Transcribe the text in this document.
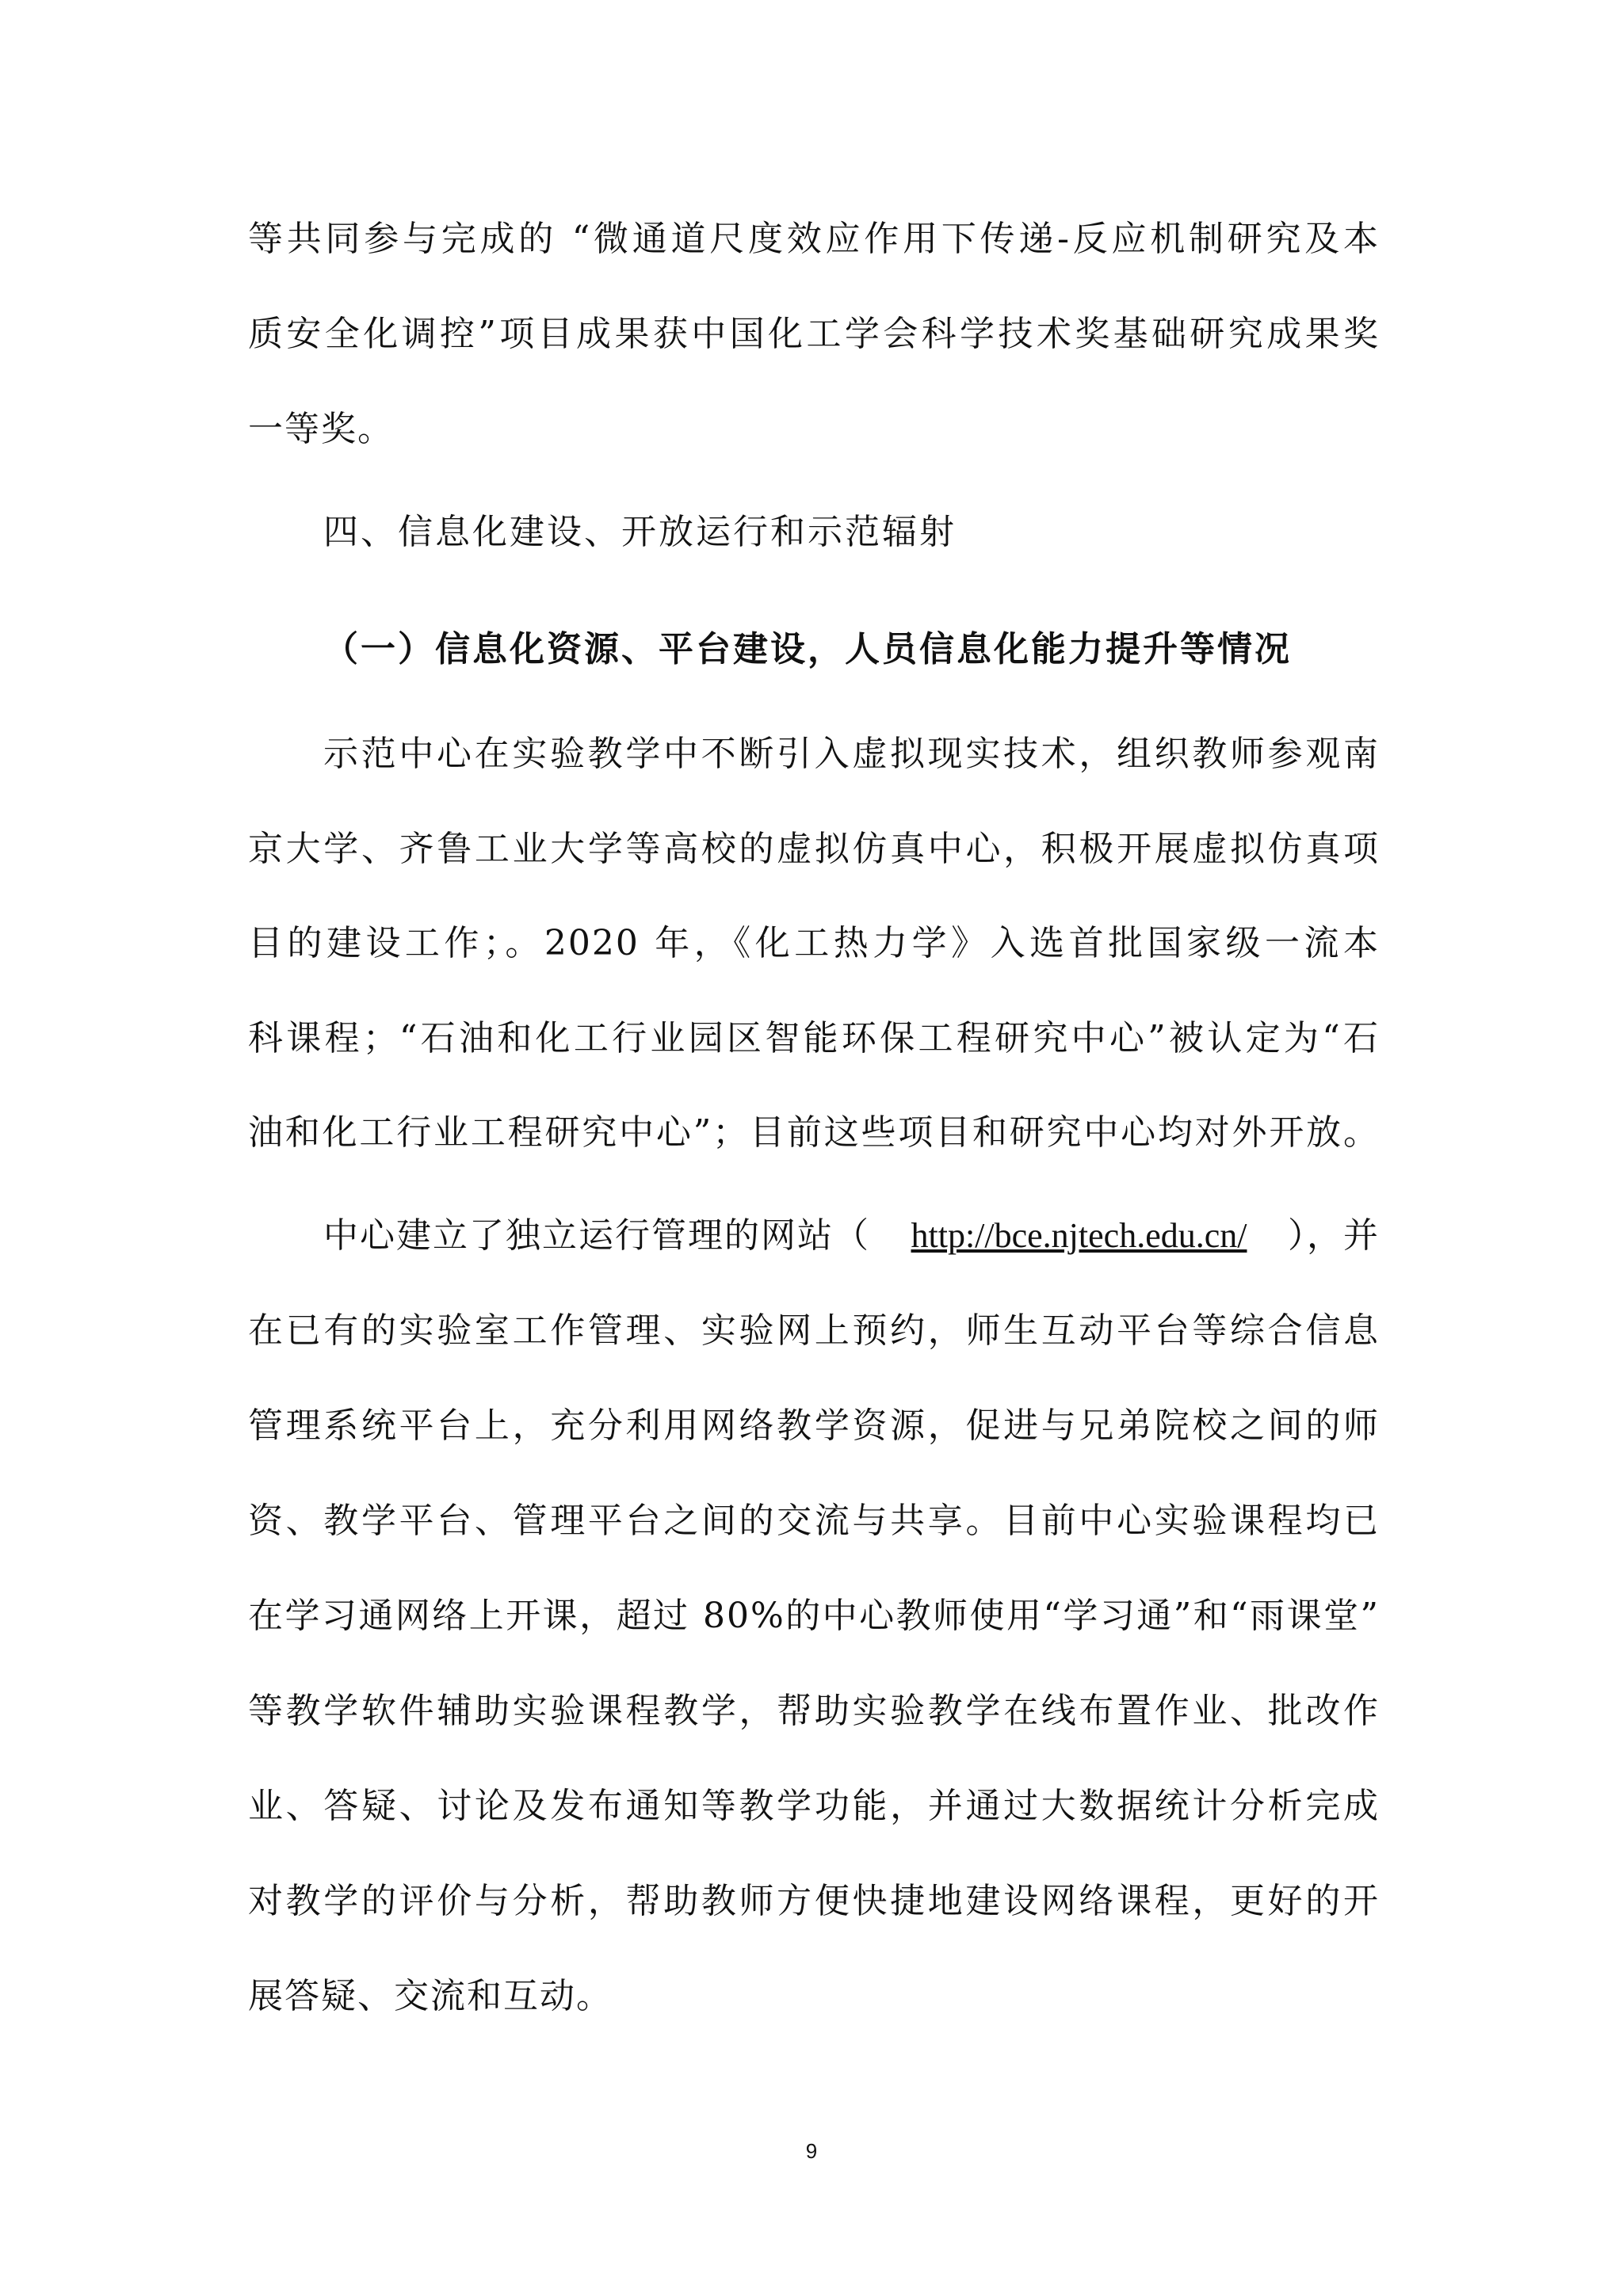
等共同参与完成的 “微通道尺度效应作用下传递-反应机制研究及本
质安全化调控”项目成果获中国化工学会科学技术奖基础研究成果奖
一等奖。
四、信息化建设、开放运行和示范辐射
（一）信息化资源、平台建设，人员信息化能力提升等情况
示范中心在实验教学中不断引入虚拟现实技术，组织教师参观南
京大学、齐鲁工业大学等高校的虚拟仿真中心，积极开展虚拟仿真项
目的建设工作；。2020 年，《化工热力学》入选首批国家级一流本
科课程；“石油和化工行业园区智能环保工程研究中心”被认定为“石
油和化工行业工程研究中心”；目前这些项目和研究中心均对外开放。
中心建立了独立运行管理的网站（ http://bce.njtech.edu.cn/ ），并
在已有的实验室工作管理、实验网上预约，师生互动平台等综合信息
管理系统平台上，充分利用网络教学资源，促进与兄弟院校之间的师
资、教学平台、管理平台之间的交流与共享。目前中心实验课程均已
在学习通网络上开课，超过 80%的中心教师使用“学习通”和“雨课堂”
等教学软件辅助实验课程教学，帮助实验教学在线布置作业、批改作
业、答疑、讨论及发布通知等教学功能，并通过大数据统计分析完成
对教学的评价与分析，帮助教师方便快捷地建设网络课程，更好的开
展答疑、交流和互动。
9
